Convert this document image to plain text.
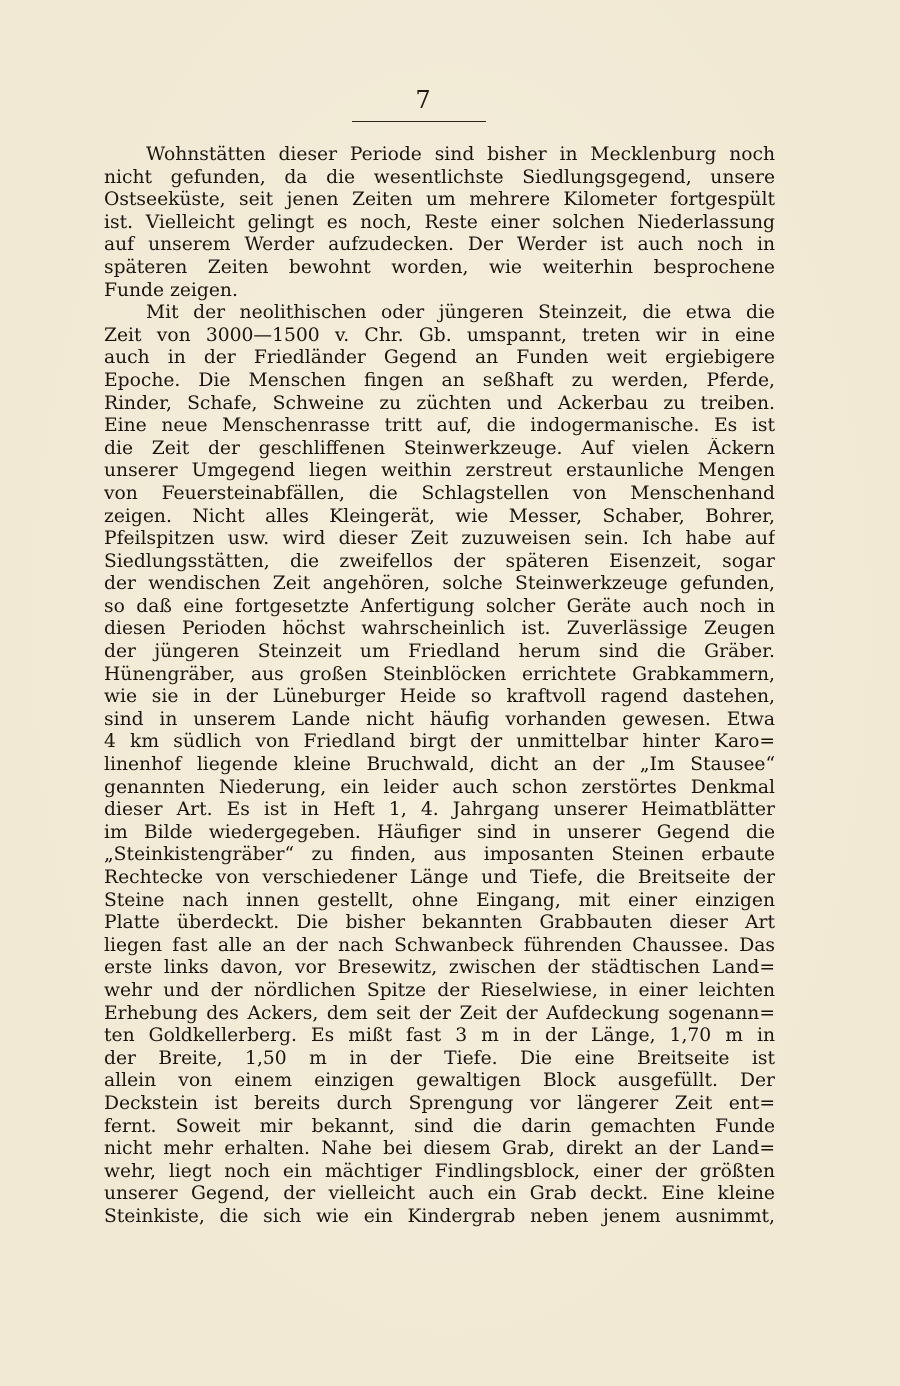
7
Wohnstätten dieser Periode sind bisher in Mecklenburg noch
nicht gefunden, da die wesentlichste Siedlungsgegend, unsere
Ostseeküste, seit jenen Zeiten um mehrere Kilometer fortgespült
ist. Vielleicht gelingt es noch, Reste einer solchen Niederlassung
auf unserem Werder aufzudecken. Der Werder ist auch noch in
späteren Zeiten bewohnt worden, wie weiterhin besprochene
Funde zeigen.
Mit der neolithischen oder jüngeren Steinzeit, die etwa die
Zeit von 3000—1500 v. Chr. Gb. umspannt, treten wir in eine
auch in der Friedländer Gegend an Funden weit ergiebigere
Epoche. Die Menschen fingen an seßhaft zu werden, Pferde,
Rinder, Schafe, Schweine zu züchten und Ackerbau zu treiben.
Eine neue Menschenrasse tritt auf, die indogermanische. Es ist
die Zeit der geschliffenen Steinwerkzeuge. Auf vielen Äckern
unserer Umgegend liegen weithin zerstreut erstaunliche Mengen
von Feuersteinabfällen, die Schlagstellen von Menschenhand
zeigen. Nicht alles Kleingerät, wie Messer, Schaber, Bohrer,
Pfeilspitzen usw. wird dieser Zeit zuzuweisen sein. Ich habe auf
Siedlungsstätten, die zweifellos der späteren Eisenzeit, sogar
der wendischen Zeit angehören, solche Steinwerkzeuge gefunden,
so daß eine fortgesetzte Anfertigung solcher Geräte auch noch in
diesen Perioden höchst wahrscheinlich ist. Zuverlässige Zeugen
der jüngeren Steinzeit um Friedland herum sind die Gräber.
Hünengräber, aus großen Steinblöcken errichtete Grabkammern,
wie sie in der Lüneburger Heide so kraftvoll ragend dastehen,
sind in unserem Lande nicht häufig vorhanden gewesen. Etwa
4 km südlich von Friedland birgt der unmittelbar hinter Karo=
linenhof liegende kleine Bruchwald, dicht an der „Im Stausee“
genannten Niederung, ein leider auch schon zerstörtes Denkmal
dieser Art. Es ist in Heft 1, 4. Jahrgang unserer Heimatblätter
im Bilde wiedergegeben. Häufiger sind in unserer Gegend die
„Steinkistengräber“ zu finden, aus imposanten Steinen erbaute
Rechtecke von verschiedener Länge und Tiefe, die Breitseite der
Steine nach innen gestellt, ohne Eingang, mit einer einzigen
Platte überdeckt. Die bisher bekannten Grabbauten dieser Art
liegen fast alle an der nach Schwanbeck führenden Chaussee. Das
erste links davon, vor Bresewitz, zwischen der städtischen Land=
wehr und der nördlichen Spitze der Rieselwiese, in einer leichten
Erhebung des Ackers, dem seit der Zeit der Aufdeckung sogenann=
ten Goldkellerberg. Es mißt fast 3 m in der Länge, 1,70 m in
der Breite, 1,50 m in der Tiefe. Die eine Breitseite ist
allein von einem einzigen gewaltigen Block ausgefüllt. Der
Deckstein ist bereits durch Sprengung vor längerer Zeit ent=
fernt. Soweit mir bekannt, sind die darin gemachten Funde
nicht mehr erhalten. Nahe bei diesem Grab, direkt an der Land=
wehr, liegt noch ein mächtiger Findlingsblock, einer der größten
unserer Gegend, der vielleicht auch ein Grab deckt. Eine kleine
Steinkiste, die sich wie ein Kindergrab neben jenem ausnimmt,
